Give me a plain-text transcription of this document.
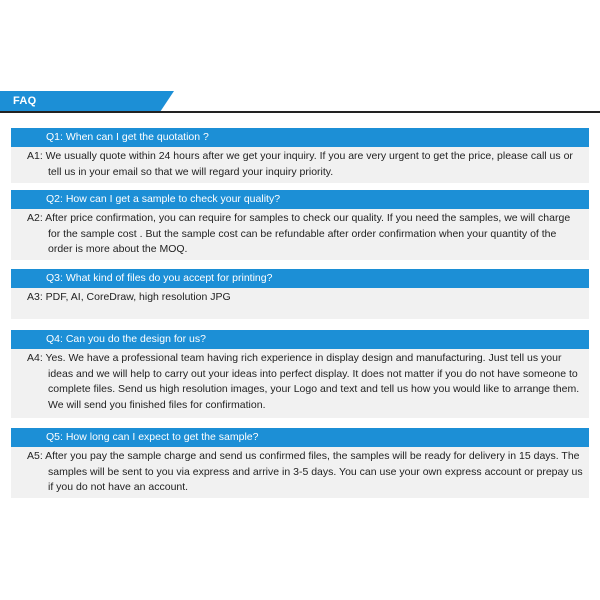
FAQ
Q1: When can I get the quotation ?
A1: We usually quote within 24 hours after we get your inquiry. If you are very urgent to get the price, please call us or tell us in your email so that we will regard your inquiry priority.
Q2: How can I get a sample to check your quality?
A2: After price confirmation, you can require for samples to check our quality. If you need the samples, we will charge for the sample cost . But the sample cost can be refundable after order confirmation when your quantity of the order is more about the MOQ.
Q3: What kind of files do you accept for printing?
A3: PDF, AI, CoreDraw, high resolution JPG
Q4: Can you do the design for us?
A4: Yes. We have a professional team having rich experience in display design and manufacturing. Just tell us your ideas and we will help to carry out your ideas into perfect display. It does not matter if you do not have someone to complete files. Send us high resolution images, your Logo and text and tell us how you would like to arrange them. We will send you finished files for confirmation.
Q5: How long can I expect to get the sample?
A5: After you pay the sample charge and send us confirmed files, the samples will be ready for delivery in 15 days. The samples will be sent to you via express and arrive in 3-5 days. You can use your own express account or prepay us if you do not have an account.
